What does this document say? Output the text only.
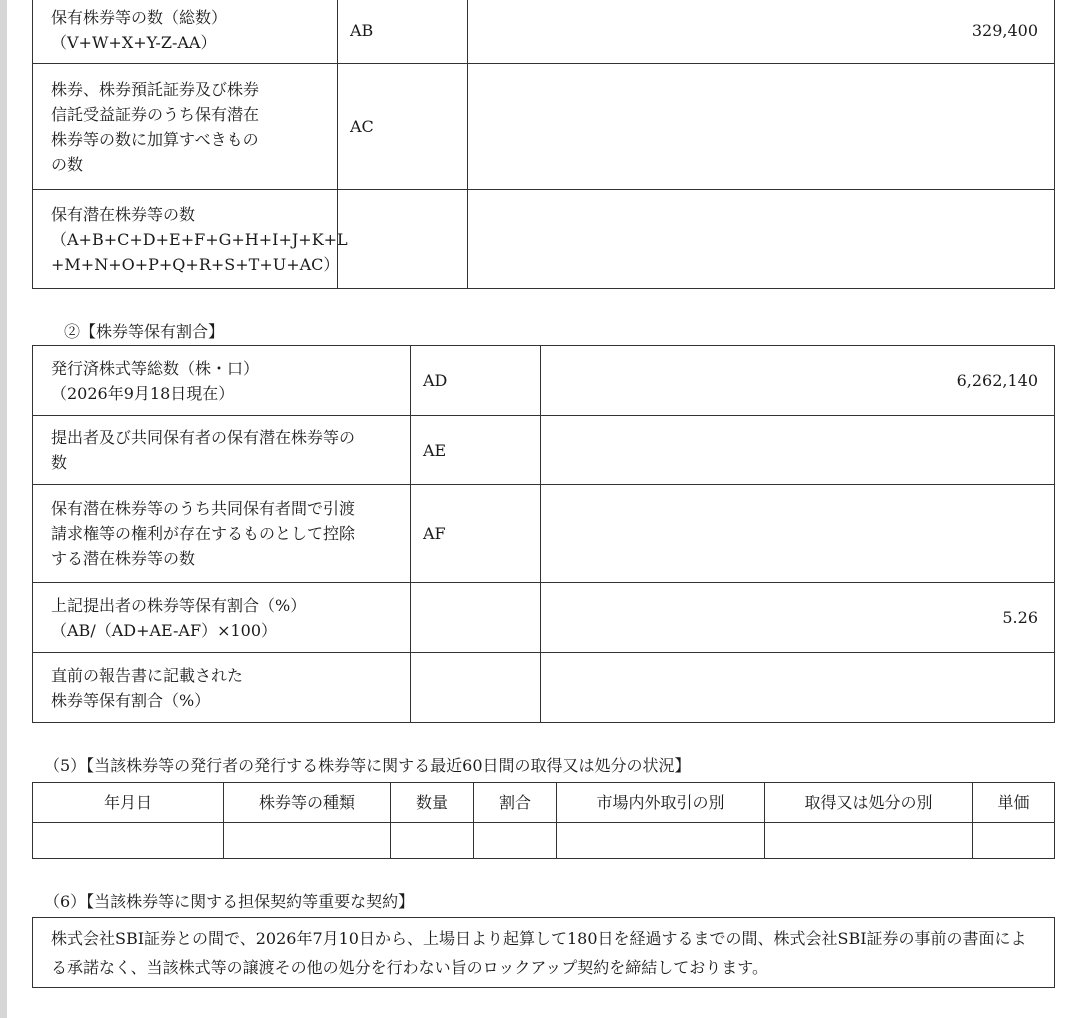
保有株券等の数（総数）
（V+W+X+Y-Z-AA）	AB	329,400

株券、株券預託証券及び株券
信託受益証券のうち保有潜在
株券等の数に加算すべきもの
の数	AC	

保有潜在株券等の数
（A+B+C+D+E+F+G+H+I+J+K+L
+M+N+O+P+Q+R+S+T+U+AC）		

②【株券等保有割合】

発行済株式等総数（株・口）
（2026年9月18日現在）	AD	6,262,140

提出者及び共同保有者の保有潜在株券等の
数	AE	

保有潜在株券等のうち共同保有者間で引渡
請求権等の権利が存在するものとして控除
する潜在株券等の数	AF	

上記提出者の株券等保有割合（%）
（AB/（AD+AE-AF）×100）		5.26

直前の報告書に記載された
株券等保有割合（%）		

（5）【当該株券等の発行者の発行する株券等に関する最近60日間の取得又は処分の状況】

年月日	株券等の種類	数量	割合	市場内外取引の別	取得又は処分の別	単価

（6）【当該株券等に関する担保契約等重要な契約】

株式会社SBI証券との間で、2026年7月10日から、上場日より起算して180日を経過するまでの間、株式会社SBI証券の事前の書面による承諾なく、当該株式等の譲渡その他の処分を行わない旨のロックアップ契約を締結しております。
